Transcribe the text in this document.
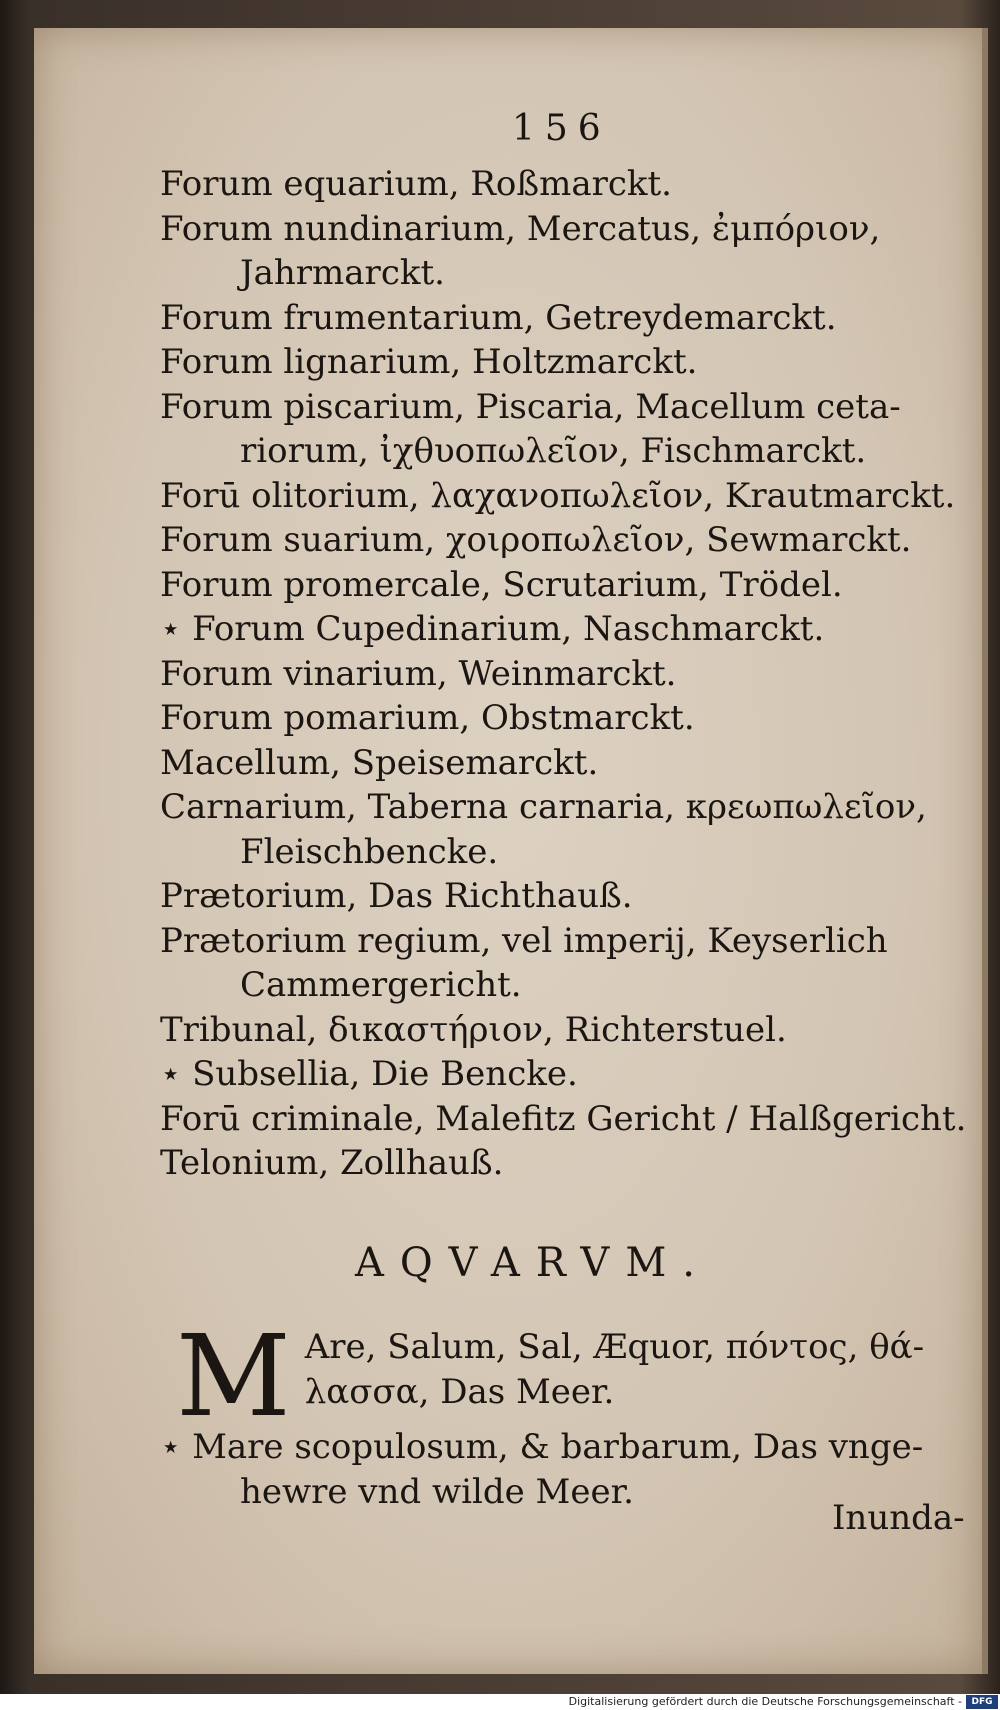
156
Forum equarium, Roßmarckt.
Forum nundinarium, Mercatus, ἐμπόριον,
Jahrmarckt.
Forum frumentarium, Getreydemarckt.
Forum lignarium, Holtzmarckt.
Forum piscarium, Piscaria, Macellum ceta-
riorum, ἰχθυοπωλεῖον, Fischmarckt.
Forū olitorium, λαχανοπωλεῖον, Krautmarckt.
Forum suarium, χοιροπωλεῖον, Sewmarckt.
Forum promercale, Scrutarium, Trödel.
⋆ Forum Cupedinarium, Naschmarckt.
Forum vinarium, Weinmarckt.
Forum pomarium, Obstmarckt.
Macellum, Speisemarckt.
Carnarium, Taberna carnaria, κρεωπωλεῖον,
Fleischbencke.
Prætorium, Das Richthauß.
Prætorium regium, vel imperij, Keyserlich
Cammergericht.
Tribunal, δικαστήριον, Richterstuel.
⋆ Subsellia, Die Bencke.
Forū criminale, Malefitz Gericht / Halßgericht.
Telonium, Zollhauß.
AQVARVM.
M Are, Salum, Sal, Æquor, πόντος, θά-
λασσα, Das Meer.
⋆ Mare scopulosum, & barbarum, Das vnge-
hewre vnd wilde Meer.
Inunda-
Digitalisierung gefördert durch die Deutsche Forschungsgemeinschaft -	DFG
